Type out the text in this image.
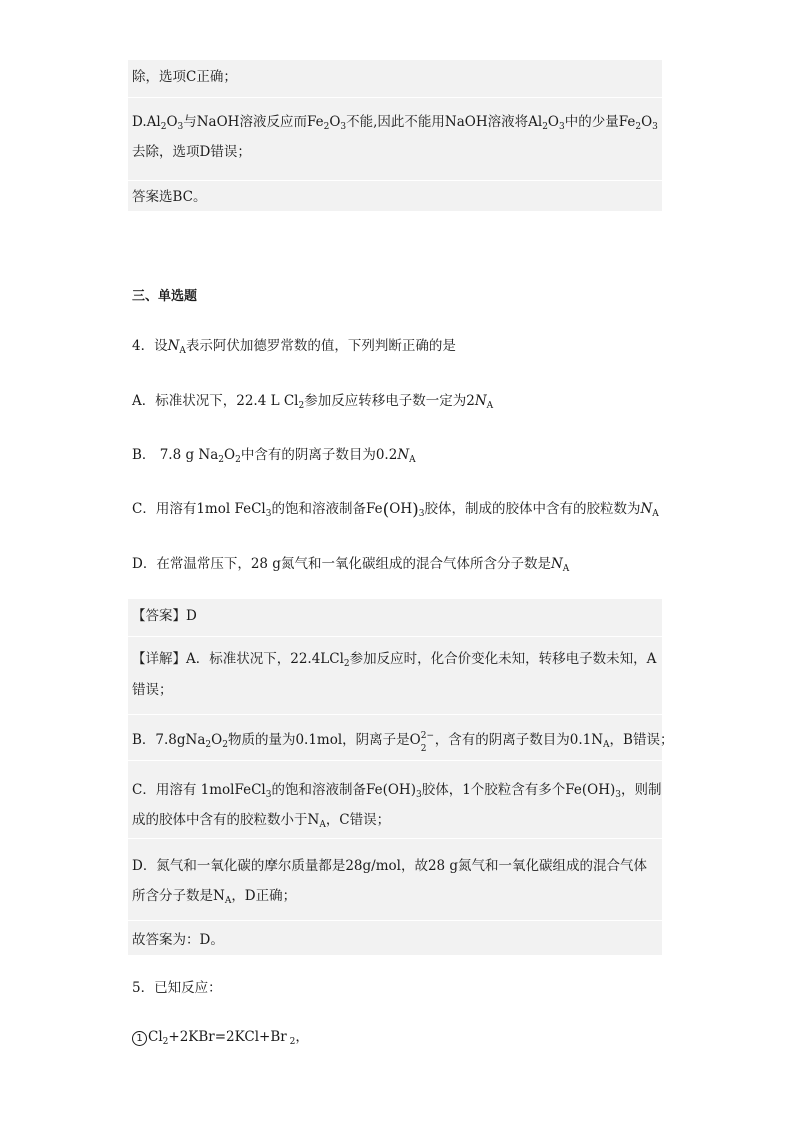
除，选项C正确；
$D.Al_2O_3$与NaOH溶液反应而$Fe_2O_3$不能,因此不能用NaOH溶液将$Al_2O_3$中的少量$Fe_2O_3$
去除，选项D错误；
答案选BC。
三、单选题
4．设$N_A$表示阿伏加德罗常数的值，下列判断正确的是
A．标准状况下，22.4 L $Cl_2$参加反应转移电子数一定为$2N_A$
B． 7.8 g $Na_2O_2$中含有的阴离子数目为$0.2N_A$
C．用溶有1mol FeCl$_3$的饱和溶液制备$Fe(OH)_3$胶体，制成的胶体中含有的胶粒数为$N_A$
D．在常温常压下，28 g氮气和一氧化碳组成的混合气体所含分子数是$N_A$
【答案】D
【详解】A．标准状况下，22.4LCl$_2$参加反应时，化合价变化未知，转移电子数未知，A
错误；
B．$7.8gNa_2O_2$物质的量为0.1mol，阴离子是O 2−
2
，含有的阴离子数目为$0.1N_A$，B错误；
C．用溶有 1molFeCl$_3$的饱和溶液制备$Fe(OH)_3$胶体，1个胶粒含有多个$Fe(OH)_3$，则制
成的胶体中含有的胶粒数小于$N_A$，C错误；
D．氮气和一氧化碳的摩尔质量都是28g/mol，故28 g氮气和一氧化碳组成的混合气体
所含分子数是$N_A$，D正确；
故答案为：D。
5．已知反应：
1 $Cl_2+2KBr=2KCl+Br$ $_2$，
